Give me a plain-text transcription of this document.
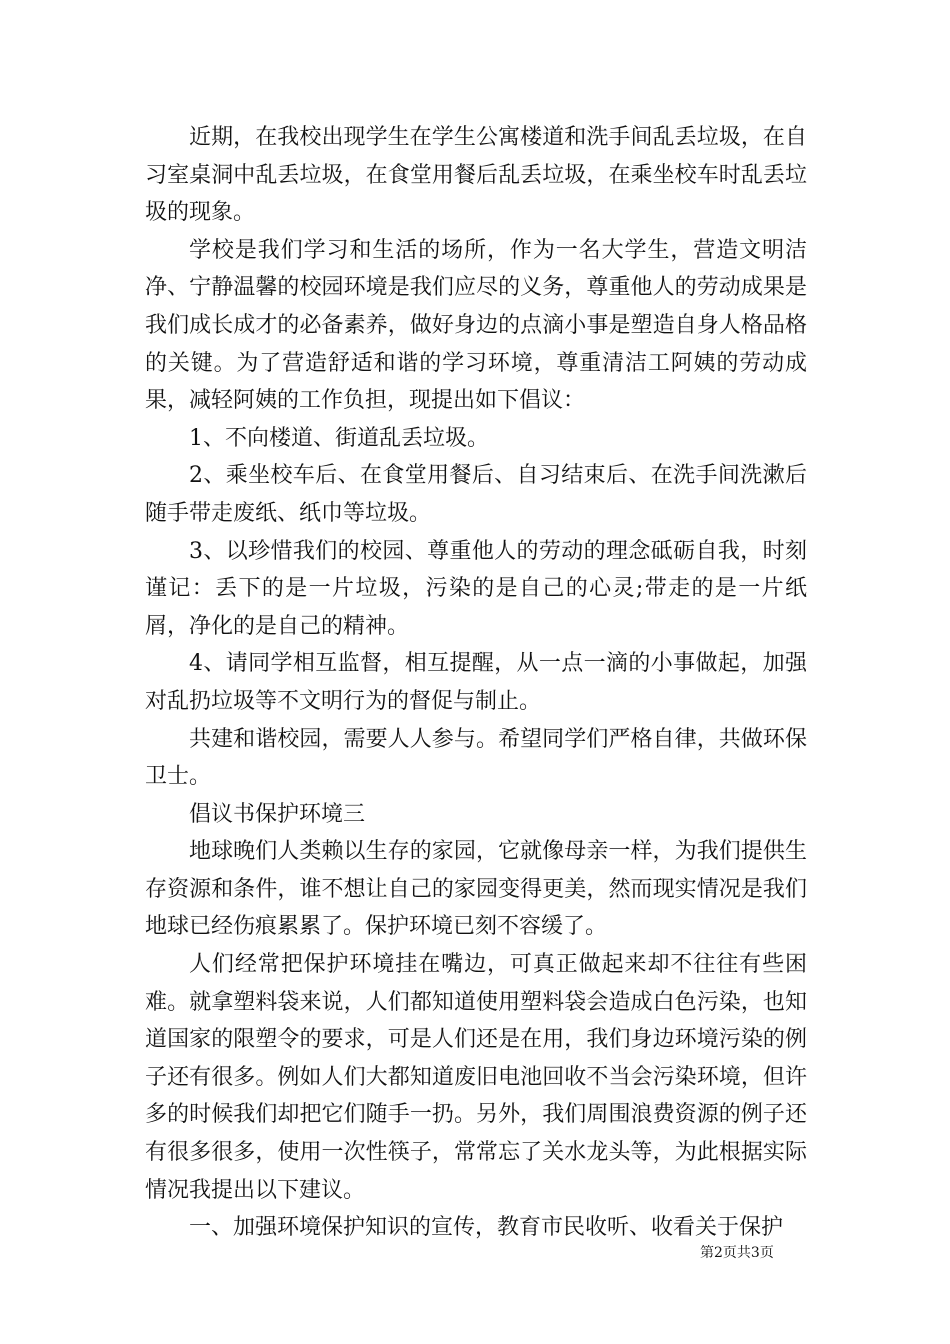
近期，在我校出现学生在学生公寓楼道和洗手间乱丢垃圾，在自习室桌洞中乱丢垃圾，在食堂用餐后乱丢垃圾，在乘坐校车时乱丢垃圾的现象。

学校是我们学习和生活的场所，作为一名大学生，营造文明洁净、宁静温馨的校园环境是我们应尽的义务，尊重他人的劳动成果是我们成长成才的必备素养，做好身边的点滴小事是塑造自身人格品格的关键。为了营造舒适和谐的学习环境，尊重清洁工阿姨的劳动成果，减轻阿姨的工作负担，现提出如下倡议：

1、不向楼道、街道乱丢垃圾。

2、乘坐校车后、在食堂用餐后、自习结束后、在洗手间洗漱后随手带走废纸、纸巾等垃圾。

3、以珍惜我们的校园、尊重他人的劳动的理念砥砺自我，时刻谨记：丢下的是一片垃圾，污染的是自己的心灵;带走的是一片纸屑，净化的是自己的精神。

4、请同学相互监督，相互提醒，从一点一滴的小事做起，加强对乱扔垃圾等不文明行为的督促与制止。

共建和谐校园，需要人人参与。希望同学们严格自律，共做环保卫士。

倡议书保护环境三

地球晚们人类赖以生存的家园，它就像母亲一样，为我们提供生存资源和条件，谁不想让自己的家园变得更美，然而现实情况是我们地球已经伤痕累累了。保护环境已刻不容缓了。

人们经常把保护环境挂在嘴边，可真正做起来却不往往有些困难。就拿塑料袋来说，人们都知道使用塑料袋会造成白色污染，也知道国家的限塑令的要求，可是人们还是在用，我们身边环境污染的例子还有很多。例如人们大都知道废旧电池回收不当会污染环境，但许多的时候我们却把它们随手一扔。另外，我们周围浪费资源的例子还有很多很多，使用一次性筷子，常常忘了关水龙头等，为此根据实际情况我提出以下建议。

一、加强环境保护知识的宣传，教育市民收听、收看关于保护

第2页共3页
